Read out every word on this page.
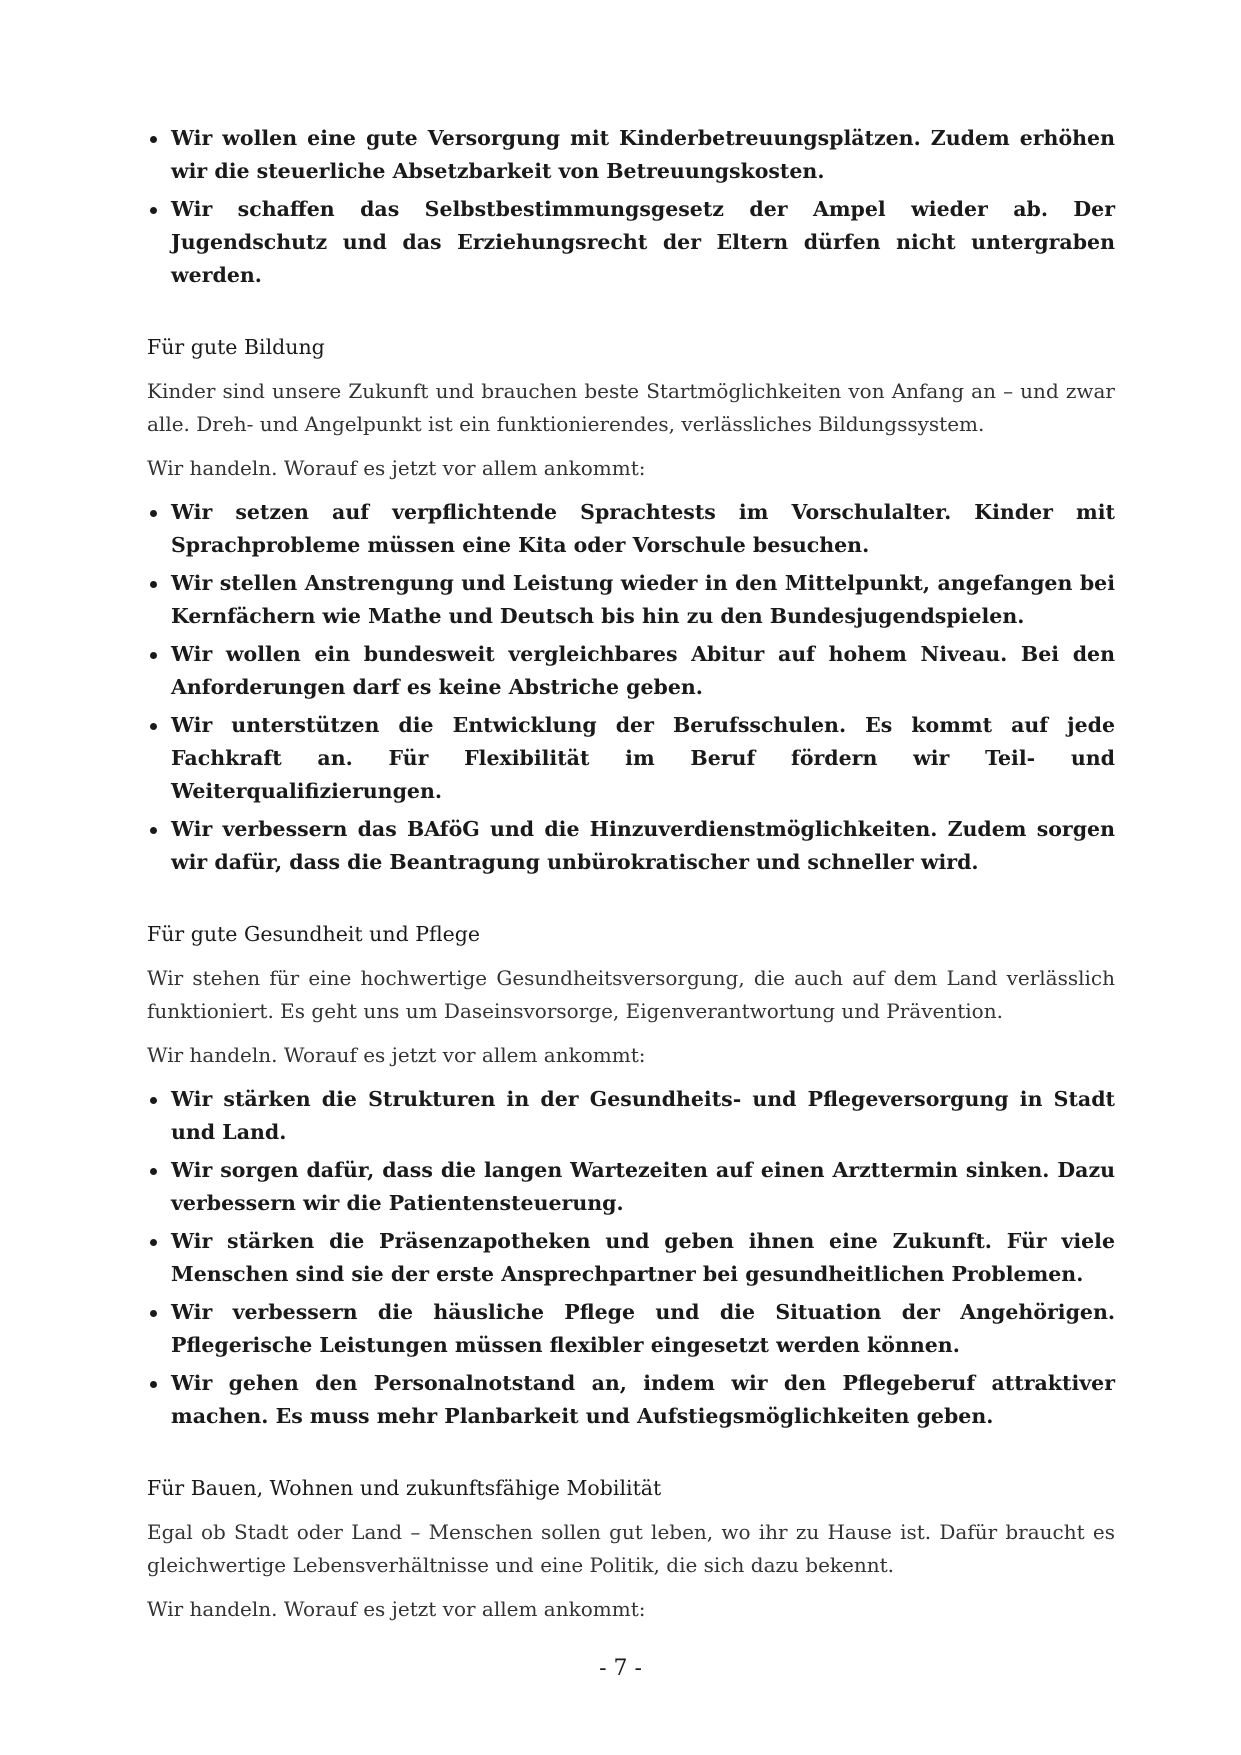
Wir wollen eine gute Versorgung mit Kinderbetreuungsplätzen. Zudem erhöhen wir die steuerliche Absetzbarkeit von Betreuungskosten.
Wir schaffen das Selbstbestimmungsgesetz der Ampel wieder ab. Der Jugendschutz und das Erziehungsrecht der Eltern dürfen nicht untergraben werden.
Für gute Bildung

Kinder sind unsere Zukunft und brauchen beste Startmöglichkeiten von Anfang an – und zwar alle. Dreh- und Angelpunkt ist ein funktionierendes, verlässliches Bildungssystem.

Wir handeln. Worauf es jetzt vor allem ankommt:

Wir setzen auf verpflichtende Sprachtests im Vorschulalter. Kinder mit Sprachprobleme müssen eine Kita oder Vorschule besuchen.
Wir stellen Anstrengung und Leistung wieder in den Mittelpunkt, angefangen bei Kernfächern wie Mathe und Deutsch bis hin zu den Bundesjugendspielen.
Wir wollen ein bundesweit vergleichbares Abitur auf hohem Niveau. Bei den Anforderungen darf es keine Abstriche geben.
Wir unterstützen die Entwicklung der Berufsschulen. Es kommt auf jede Fachkraft an. Für Flexibilität im Beruf fördern wir Teil- und Weiterqualifizierungen.
Wir verbessern das BAföG und die Hinzuverdienstmöglichkeiten. Zudem sorgen wir dafür, dass die Beantragung unbürokratischer und schneller wird.
Für gute Gesundheit und Pflege

Wir stehen für eine hochwertige Gesundheitsversorgung, die auch auf dem Land verlässlich funktioniert. Es geht uns um Daseinsvorsorge, Eigenverantwortung und Prävention.

Wir handeln. Worauf es jetzt vor allem ankommt:

Wir stärken die Strukturen in der Gesundheits- und Pflegeversorgung in Stadt und Land.
Wir sorgen dafür, dass die langen Wartezeiten auf einen Arzttermin sinken. Dazu verbessern wir die Patientensteuerung.
Wir stärken die Präsenzapotheken und geben ihnen eine Zukunft. Für viele Menschen sind sie der erste Ansprechpartner bei gesundheitlichen Problemen.
Wir verbessern die häusliche Pflege und die Situation der Angehörigen. Pflegerische Leistungen müssen flexibler eingesetzt werden können.
Wir gehen den Personalnotstand an, indem wir den Pflegeberuf attraktiver machen. Es muss mehr Planbarkeit und Aufstiegsmöglichkeiten geben.
Für Bauen, Wohnen und zukunftsfähige Mobilität

Egal ob Stadt oder Land – Menschen sollen gut leben, wo ihr zu Hause ist. Dafür braucht es gleichwertige Lebensverhältnisse und eine Politik, die sich dazu bekennt.

Wir handeln. Worauf es jetzt vor allem ankommt:

- 7 -
